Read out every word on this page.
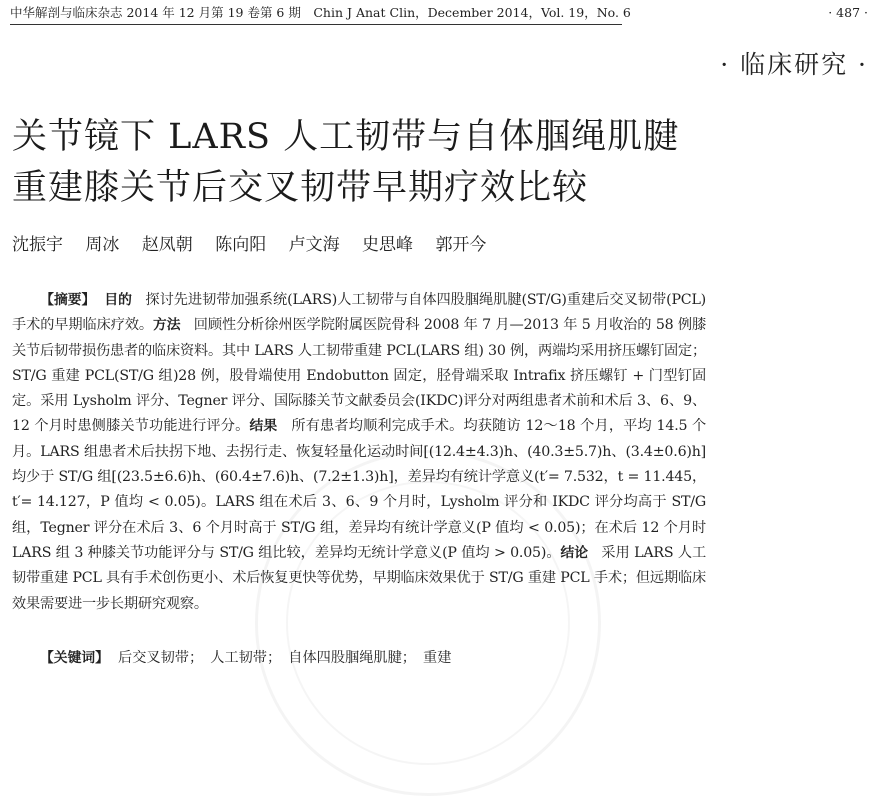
中华解剖与临床杂志 2014 年 12 月第 19 卷第 6 期　Chin J Anat Clin，December 2014，Vol. 19，No. 6	· 487 ·
· 临床研究 ·
关节镜下 LARS 人工韧带与自体腘绳肌腱
重建膝关节后交叉韧带早期疗效比较
沈振宇 周冰 赵凤朝 陈向阳 卢文海 史思峰 郭开今
【摘要】 目的 探讨先进韧带加强系统(LARS)人工韧带与自体四股腘绳肌腱(ST/G)重建后交叉韧带(PCL)手术的早期临床疗效。方法 回顾性分析徐州医学院附属医院骨科 2008 年 7 月—2013 年 5 月收治的 58 例膝关节后韧带损伤患者的临床资料。其中 LARS 人工韧带重建 PCL(LARS 组) 30 例，两端均采用挤压螺钉固定；ST/G 重建 PCL(ST/G 组)28 例，股骨端使用 Endobutton 固定，胫骨端采取 Intrafix 挤压螺钉 + 门型钉固定。采用 Lysholm 评分、Tegner 评分、国际膝关节文献委员会(IKDC)评分对两组患者术前和术后 3、6、9、12 个月时患侧膝关节功能进行评分。结果 所有患者均顺利完成手术。均获随访 12～18 个月，平均 14.5 个月。LARS 组患者术后扶拐下地、去拐行走、恢复轻量化运动时间[(12.4±4.3)h、(40.3±5.7)h、(3.4±0.6)h]均少于 ST/G 组[(23.5±6.6)h、(60.4±7.6)h、(7.2±1.3)h]，差异均有统计学意义(t′= 7.532，t = 11.445，t′= 14.127，P 值均 < 0.05)。LARS 组在术后 3、6、9 个月时，Lysholm 评分和 IKDC 评分均高于 ST/G 组，Tegner 评分在术后 3、6 个月时高于 ST/G 组，差异均有统计学意义(P 值均 < 0.05)；在术后 12 个月时 LARS 组 3 种膝关节功能评分与 ST/G 组比较，差异均无统计学意义(P 值均 > 0.05)。结论 采用 LARS 人工韧带重建 PCL 具有手术创伤更小、术后恢复更快等优势，早期临床效果优于 ST/G 重建 PCL 手术；但远期临床效果需要进一步长期研究观察。
【关键词】 后交叉韧带；　人工韧带；　自体四股腘绳肌腱；　重建
